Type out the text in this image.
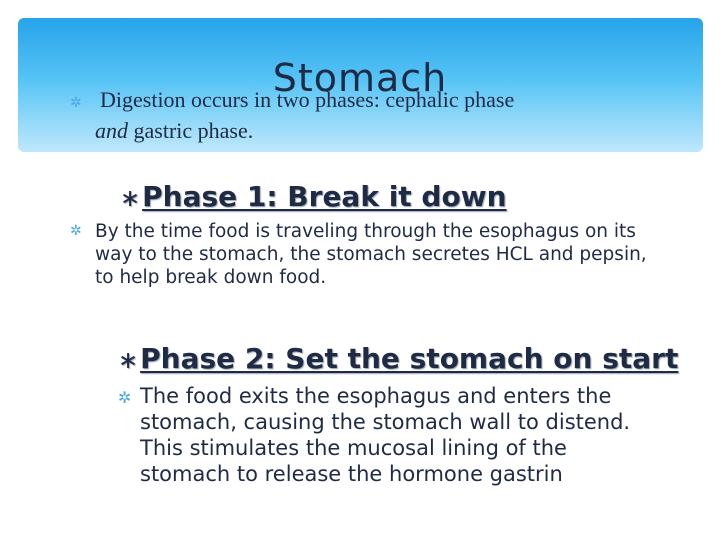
✲ Digestion occurs in two phases: cephalic phase
and gastric phase.
Stomach
∗Phase 1: Break it down
✲ By the time food is traveling through the esophagus on its way to the stomach, the stomach secretes HCL and pepsin, to help break down food.
∗Phase 2: Set the stomach on start
✲ The food exits the esophagus and enters the stomach, causing the stomach wall to distend. This stimulates the mucosal lining of the stomach to release the hormone gastrin
